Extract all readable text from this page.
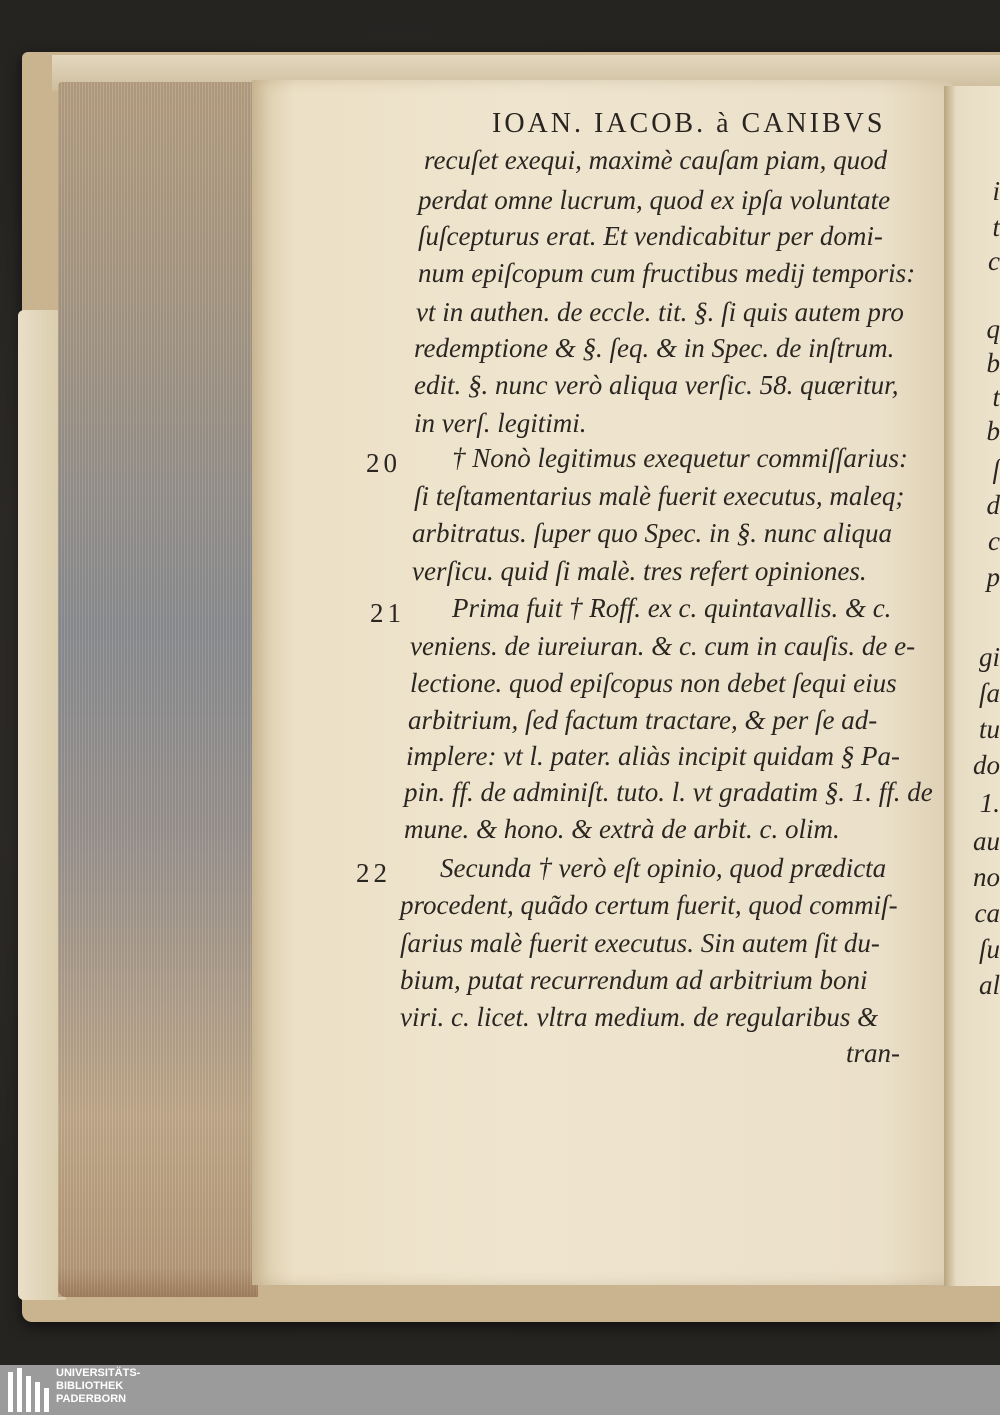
i
t
c
q
b
t
b
ſ
d
c
p
gi
ſa
tu
do
1.
au
no
ca
ſu
al
IOAN. IACOB. à CANIBVS
recuſet exequi, maximè cauſam piam, quod
perdat omne lucrum, quod ex ipſa voluntate
ſuſcepturus erat. Et vendicabitur per domi-
num epiſcopum cum fructibus medij temporis:
vt in authen. de eccle. tit. §. ſi quis autem pro
redemptione & §. ſeq. & in Spec. de inſtrum.
edit. §. nunc verò aliqua verſic. 58. quæritur,
in verſ. legitimi.
20 † Nonò legitimus exequetur commiſſarius:
ſi teſtamentarius malè fuerit executus, maleq;
arbitratus. ſuper quo Spec. in §. nunc aliqua
verſicu. quid ſi malè. tres refert opiniones.
21 Prima fuit † Roff. ex c. quintavallis. & c.
veniens. de iureiuran. & c. cum in cauſis. de e-
lectione. quod epiſcopus non debet ſequi eius
arbitrium, ſed factum tractare, & per ſe ad-
implere: vt l. pater. aliàs incipit quidam § Pa-
pin. ff. de adminiſt. tuto. l. vt gradatim §. 1. ff. de
mune. & hono. & extrà de arbit. c. olim.
22 Secunda † verò eſt opinio, quod prædicta
procedent, quãdo certum fuerit, quod commiſ-
ſarius malè fuerit executus. Sin autem ſit du-
bium, putat recurrendum ad arbitrium boni
viri. c. licet. vltra medium. de regularibus &
tran-
UNIVERSITÄTS-
BIBLIOTHEK
PADERBORN
